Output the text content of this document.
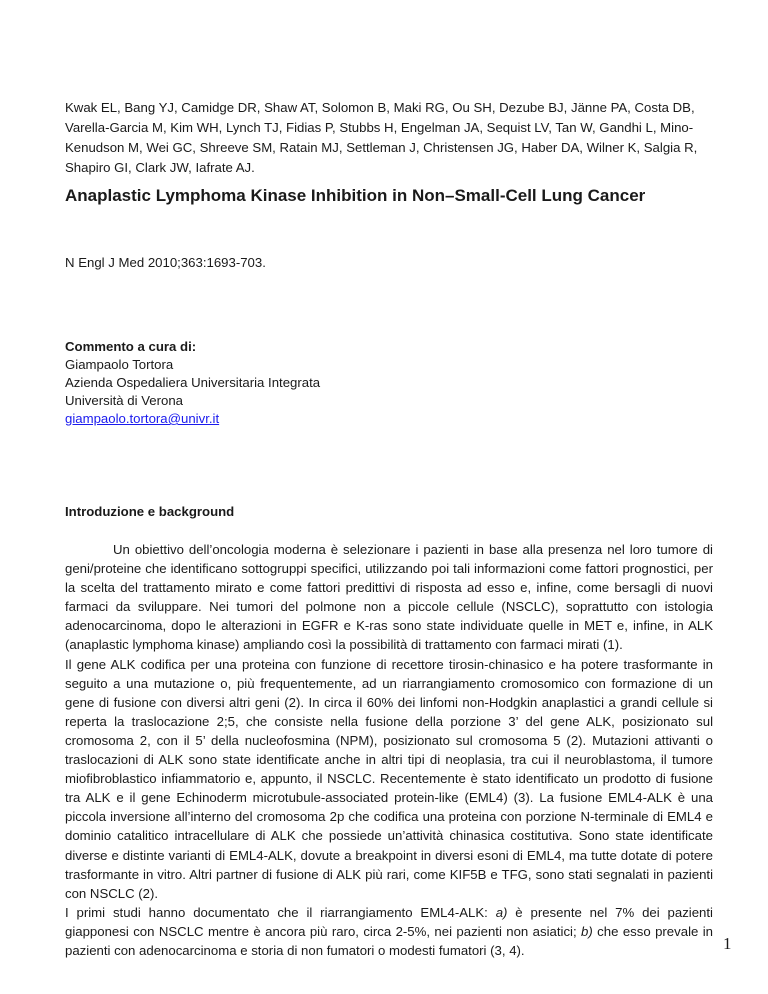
Kwak EL, Bang YJ, Camidge DR, Shaw AT, Solomon B, Maki RG, Ou SH, Dezube BJ, Jänne PA, Costa DB, Varella-Garcia M, Kim WH, Lynch TJ, Fidias P, Stubbs H, Engelman JA, Sequist LV, Tan W, Gandhi L, Mino-Kenudson M, Wei GC, Shreeve SM, Ratain MJ, Settleman J, Christensen JG, Haber DA, Wilner K, Salgia R, Shapiro GI, Clark JW, Iafrate AJ.

Anaplastic Lymphoma Kinase Inhibition in Non–Small-Cell Lung Cancer

N Engl J Med 2010;363:1693-703.

Commento a cura di:
Giampaolo Tortora
Azienda Ospedaliera Universitaria Integrata
Università di Verona
giampaolo.tortora@univr.it
Introduzione e background

Un obiettivo dell’oncologia moderna è selezionare i pazienti in base alla presenza nel loro tumore di geni/proteine che identificano sottogruppi specifici, utilizzando poi tali informazioni come fattori prognostici, per la scelta del trattamento mirato e come fattori predittivi di risposta ad esso e, infine, come bersagli di nuovi farmaci da sviluppare. Nei tumori del polmone non a piccole cellule (NSCLC), soprattutto con istologia adenocarcinoma, dopo le alterazioni in EGFR e K-ras sono state individuate quelle in MET e, infine, in ALK (anaplastic lymphoma kinase) ampliando così la possibilità di trattamento con farmaci mirati (1).

Il gene ALK codifica per una proteina con funzione di recettore tirosin-chinasico e ha potere trasformante in seguito a una mutazione o, più frequentemente, ad un riarrangiamento cromosomico con formazione di un gene di fusione con diversi altri geni (2). In circa il 60% dei linfomi non-Hodgkin anaplastici a grandi cellule si reperta la traslocazione 2;5, che consiste nella fusione della porzione 3’ del gene ALK, posizionato sul cromosoma 2, con il 5’ della nucleofosmina (NPM), posizionato sul cromosoma 5 (2). Mutazioni attivanti o traslocazioni di ALK sono state identificate anche in altri tipi di neoplasia, tra cui il neuroblastoma, il tumore miofibroblastico infiammatorio e, appunto, il NSCLC. Recentemente è stato identificato un prodotto di fusione tra ALK e il gene Echinoderm microtubule-associated protein-like (EML4) (3). La fusione EML4-ALK è una piccola inversione all’interno del cromosoma 2p che codifica una proteina con porzione N-terminale di EML4 e dominio catalitico intracellulare di ALK che possiede un’attività chinasica costitutiva. Sono state identificate diverse e distinte varianti di EML4-ALK, dovute a breakpoint in diversi esoni di EML4, ma tutte dotate di potere trasformante in vitro. Altri partner di fusione di ALK più rari, come KIF5B e TFG, sono stati segnalati in pazienti con NSCLC (2).

I primi studi hanno documentato che il riarrangiamento EML4-ALK: a) è presente nel 7% dei pazienti giapponesi con NSCLC mentre è ancora più raro, circa 2-5%, nei pazienti non asiatici; b) che esso prevale in pazienti con adenocarcinoma e storia di non fumatori o modesti fumatori (3, 4).	1
